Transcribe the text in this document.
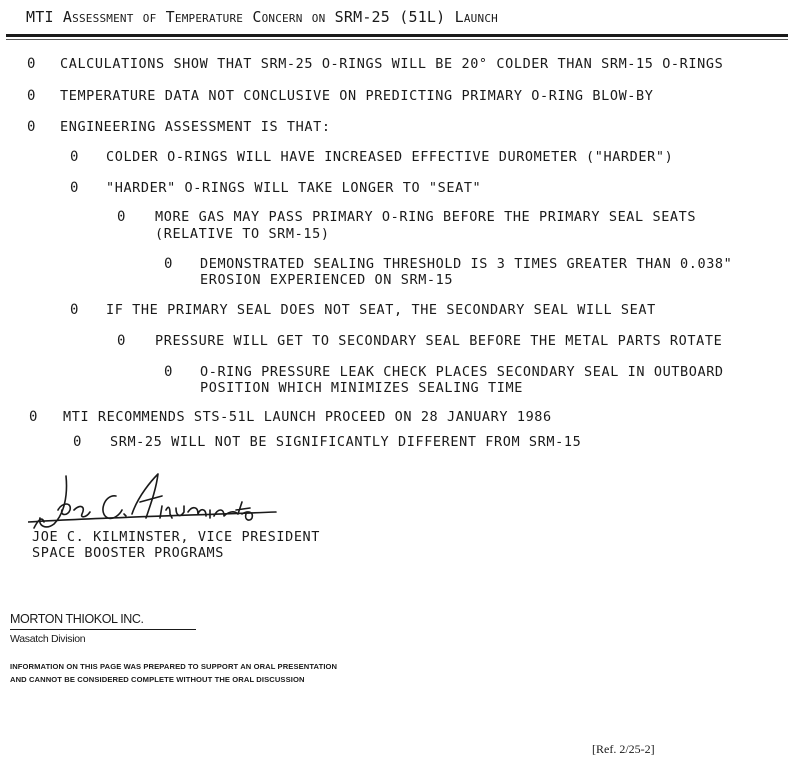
MTI Assessment of Temperature Concern on SRM-25 (51L) Launch
0 CALCULATIONS SHOW THAT SRM-25 O-RINGS WILL BE 20° COLDER THAN SRM-15 O-RINGS
0 TEMPERATURE DATA NOT CONCLUSIVE ON PREDICTING PRIMARY O-RING BLOW-BY
0 ENGINEERING ASSESSMENT IS THAT:
0 COLDER O-RINGS WILL HAVE INCREASED EFFECTIVE DUROMETER ("HARDER")
0 "HARDER" O-RINGS WILL TAKE LONGER TO "SEAT"
0 MORE GAS MAY PASS PRIMARY O-RING BEFORE THE PRIMARY SEAL SEATS
(RELATIVE TO SRM-15)
0 DEMONSTRATED SEALING THRESHOLD IS 3 TIMES GREATER THAN 0.038"
EROSION EXPERIENCED ON SRM-15
0 IF THE PRIMARY SEAL DOES NOT SEAT, THE SECONDARY SEAL WILL SEAT
0 PRESSURE WILL GET TO SECONDARY SEAL BEFORE THE METAL PARTS ROTATE
0 O-RING PRESSURE LEAK CHECK PLACES SECONDARY SEAL IN OUTBOARD
POSITION WHICH MINIMIZES SEALING TIME
0 MTI RECOMMENDS STS-51L LAUNCH PROCEED ON 28 JANUARY 1986
0 SRM-25 WILL NOT BE SIGNIFICANTLY DIFFERENT FROM SRM-15
JOE C. KILMINSTER, VICE PRESIDENT
SPACE BOOSTER PROGRAMS
MORTON THIOKOL INC.
Wasatch Division
INFORMATION ON THIS PAGE WAS PREPARED TO SUPPORT AN ORAL PRESENTATION
AND CANNOT BE CONSIDERED COMPLETE WITHOUT THE ORAL DISCUSSION
[Ref. 2/25-2]
